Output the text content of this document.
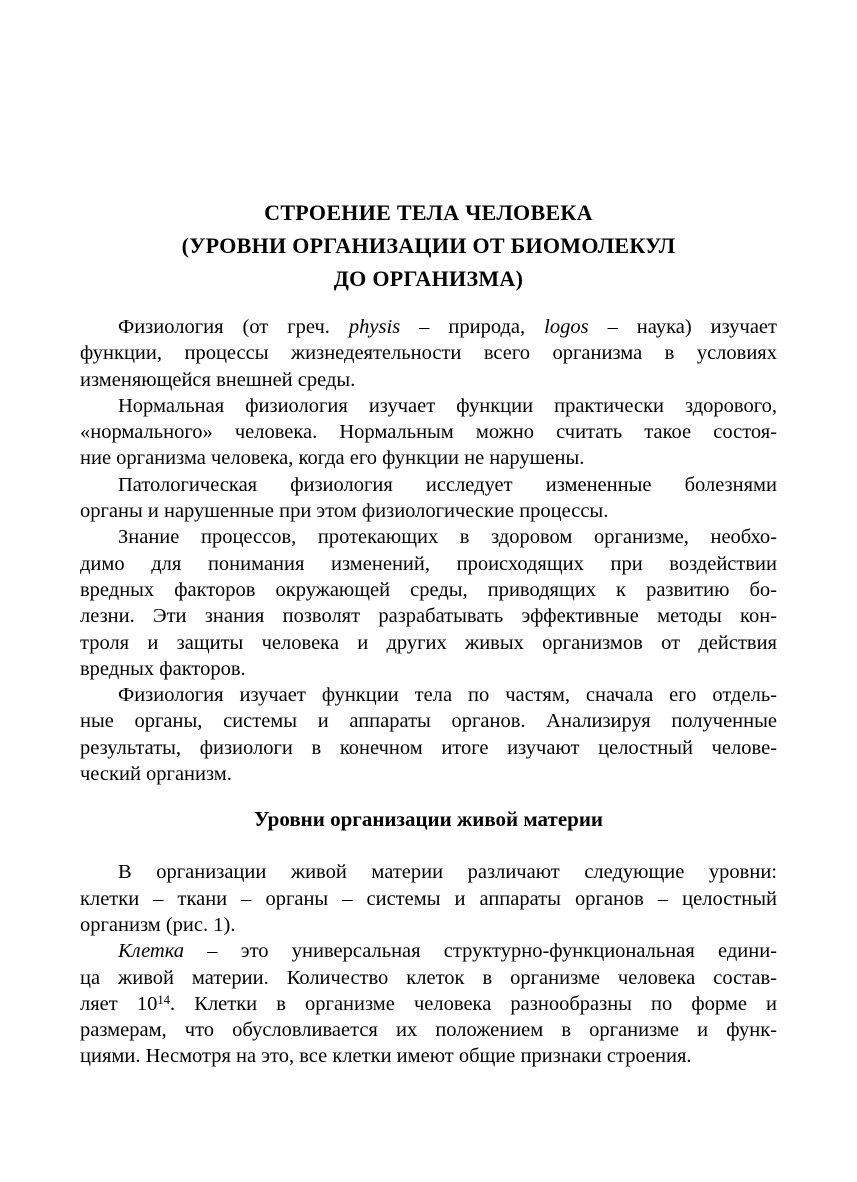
СТРОЕНИЕ ТЕЛА ЧЕЛОВЕКА
(УРОВНИ ОРГАНИЗАЦИИ ОТ БИОМОЛЕКУЛ
ДО ОРГАНИЗМА)
Физиология (от греч. physis – природа, logos – наука) изучает
функции, процессы жизнедеятельности всего организма в условиях
изменяющейся внешней среды.
Нормальная физиология изучает функции практически здорового,
«нормального» человека. Нормальным можно считать такое состоя-
ние организма человека, когда его функции не нарушены.
Патологическая физиология исследует измененные болезнями
органы и нарушенные при этом физиологические процессы.
Знание процессов, протекающих в здоровом организме, необхо-
димо для понимания изменений, происходящих при воздействии
вредных факторов окружающей среды, приводящих к развитию бо-
лезни. Эти знания позволят разрабатывать эффективные методы кон-
троля и защиты человека и других живых организмов от действия
вредных факторов.
Физиология изучает функции тела по частям, сначала его отдель-
ные органы, системы и аппараты органов. Анализируя полученные
результаты, физиологи в конечном итоге изучают целостный челове-
ческий организм.
Уровни организации живой материи
В организации живой материи различают следующие уровни:
клетки – ткани – органы – системы и аппараты органов – целостный
организм (рис. 1).
Клетка – это универсальная структурно-функциональная едини-
ца живой материи. Количество клеток в организме человека состав-
ляет $10^{14}$. Клетки в организме человека разнообразны по форме и
размерам, что обусловливается их положением в организме и функ-
циями. Несмотря на это, все клетки имеют общие признаки строения.
